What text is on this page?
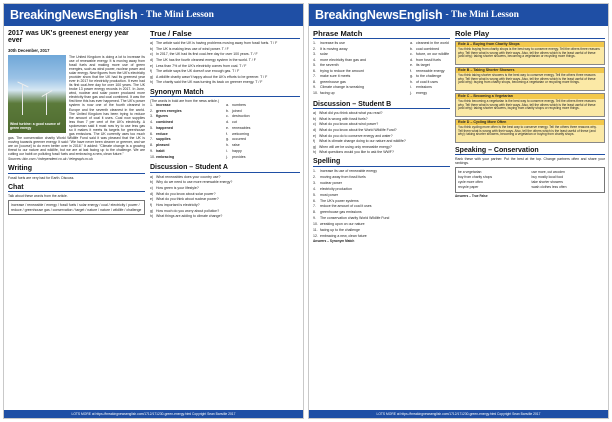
BreakingNewsEnglish - The Mini Lesson
2017 was UK's greenest energy year ever
30th December, 2017
Wind turbine: a good source of green energy

The United Kingdom is doing a lot to increase its use of renewable energy. It is moving away from fossil fuels and making more use of green energies, such as wind power, nuclear power and solar energy. New figures from the UK's electricity provider show that the UK had its greenest year ever in 2017 for electricity production. It even had its first coal-free day for over 100 years. The UK broke 13 power energy records in 2017. In June, wind, nuclear and solar power produced more electricity than gas and coal combined. It was the first time this has ever happened. The UK's power system is now one of the fourth cleanest in Europe and the seventh cleanest in the world. The United Kingdom has been trying to reduce the amount of coal it uses. Coal now supplies less than 7 per cent of the UK's electricity. A spokesman said it must now try to use less gas so it makes it meets its targets for greenhouse gas emissions. The UK currently uses too much gas. The conservation charity World Wildlife Fund said it was pleased that the UK is moving towards greener energy. It said: "We have never been cleaner or greener, and we are on [course] to do even better over in 2018." It added: "Climate change is a growing threat to our nature and wildlife, but we are at last facing up to the challenge. We are cutting our habit on polluting fossil fuels and embracing a new, clean future."

Sources: bbc.com / independent.co.uk / telegraph.co.uk

Writing

Fossil fuels are very bad for Earth. Discuss.

Chat

Talk about these words from the article.

increase / renewable / energy / fossil fuels / solar energy / coal / electricity / power / reduce / greenhouse gas / conservation / target / nature / nature / wildlife / challenge
True / False
a) The article said the UK is having problems moving away from fossil fuels. T / F
b) The UK is making less use of wind power. T / F
c) In 2017, the UK had its first coal-free day for over 100 years. T / F
d) The UK has the fourth cleanest energy system in the world. T / F
e) Less than 7% of the UK's electricity comes from coal. T / F
f)	The article says the UK doesn't use enough gas. T / F
g) A wildlife charity wasn't happy about the UK's efforts to be greener. T / F
h) The charity said the UK was turning its back on greener energy. T / F
Synonym Match

(The words in bold are from the news article.)

1. increase	a. numbers
2. green energies	b. joined
3. figures	c. destruction
4. combined	d. cut
5. happened	e. renewables
6. reduce	f.	welcoming
7. supplies	g. occurred
8. pleased	h. raise
9. habit	i.	happy
10. embracing	j.	provides
Discussion – Student A
a) What renewables does your country use?
b) Why do we need to use more renewable energy?
c) How green is your lifestyle?
d) What do you know about solar power?
e) What do you think about nuclear power?
f)	How important is electricity?
g) How much do you worry about pollution?
h) What things are adding to climate change?
LOTS MORE at https://breakingnewsenglish.com/1712/171230-green-energy.html Copyright Sean Banville 2017
BreakingNewsEnglish - The Mini Lesson
Phrase Match
1.	increase its use	a. cleanest in the world
2.	It is moving away	b. coal combined
3.	solar	c. future, on our wildlife
4.	more electricity than gas and	d. from fossil fuels
5.	the seventh	e. its target
6.	trying to reduce the amount	f.	renewable energy
7.	make sure it meets	g. to the challenge
8.	greenhouse gas	h. of coal it uses
9.	Climate change is wreaking	i.	emissions
10. facing up	j.	energy
Discussion – Student B
a) What did you think about what you read?
b) What is wrong with fossil fuels?
c) What do you know about wind power?
d) What do you know about the World Wildlife Fund?
e) What do you do to conserve energy and water?
f)	What is climate change doing to our nature and wildlife?
g) When will we be using only renewable energy?
h) What questions would you like to ask the WWF?
Spelling
1.	increase its use of renewable energy
2.	moving away from fossil fuels
3.	nuclear power
4.	electricity production
5.	most power
6.	The UK's power systems
7.	reduce the amount of coal it uses
8.	greenhouse gas emissions
9.	The conservation charity World Wildlife Fund
10. wreaking upon on our nature
11. facing up to the challenge
12. embracing a new, clean future
Answers – Synonym Match
Role Play
Role A – Buying from Charity Shops
You think buying from charity shops is the best way to conserve energy. Tell the others three reasons why. Tell them what is wrong with their ways. Also, tell the others which is the least useful of these (and why): taking shorter showers, becoming a vegetarian or recycling more things.
Role B – Taking Shorter Showers
You think taking shorter showers is the best way to conserve energy. Tell the others three reasons why. Tell them what is wrong with their ways. Also, tell the others which is the least useful of these (and why): buying from charity shops, becoming a vegetarian or recycling more things.
Role C – Becoming a Vegetarian
You think becoming a vegetarian is the best way to conserve energy. Tell the others three reasons why. Tell them what is wrong with their ways. Also, tell the others which is the least useful of these (and why): taking shorter showers, buying from charity shops or recycling more things.
Role D – Cycling More Often
You think cycling more often is the best way to conserve energy. Tell the others three reasons why. Tell them what is wrong with their ways. Also, tell the others which is the least useful of these (and why): taking shorter showers, becoming a vegetarian or buying from charity shops.
Speaking – Conservation

Rank these with your partner. Put the best at the top. Change partners often and share your rankings.

be a vegetarian	use more, cut wooden
buy from charity shops	buy mostly local food
cycle more often	take shorter showers
recycle paper	wash clothes less often
Answers – True False
LOTS MORE at https://breakingnewsenglish.com/1712/171230-green-energy.html Copyright Sean Banville 2017
